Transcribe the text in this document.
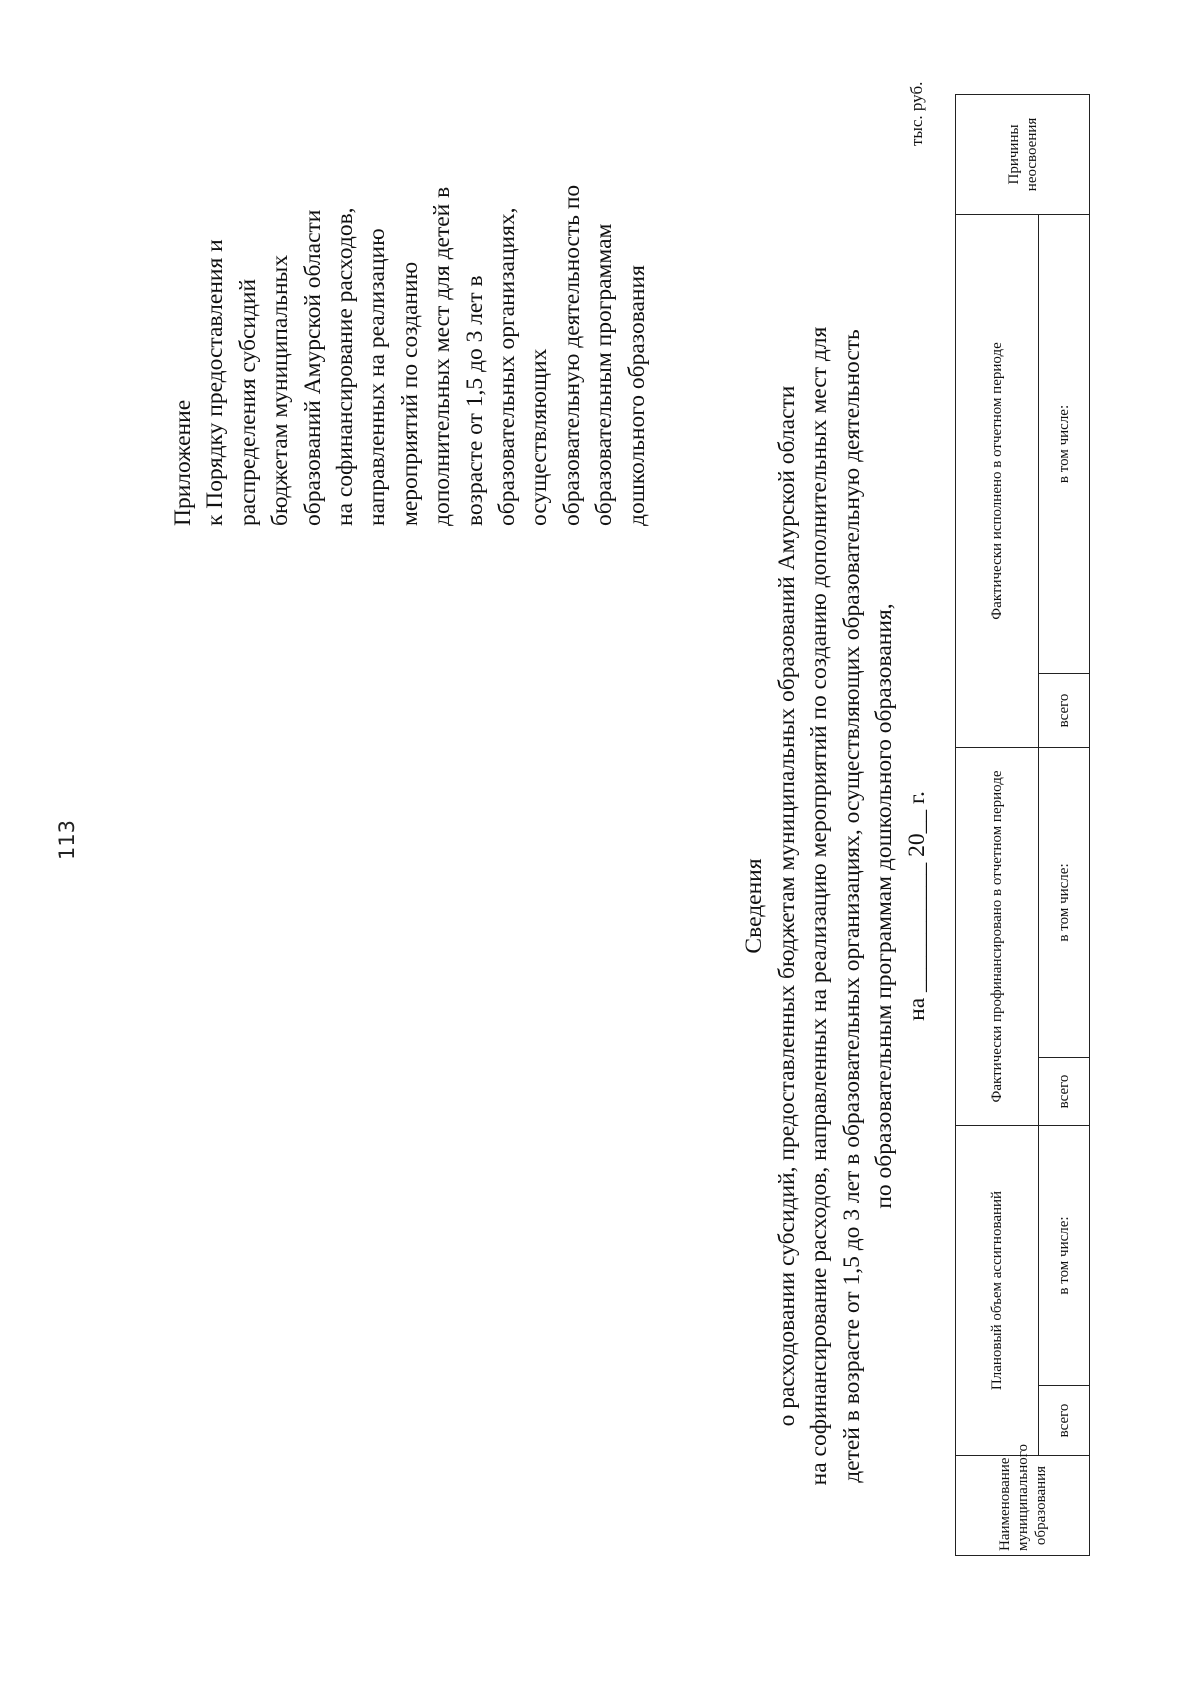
113
Приложение к Порядку предоставления и распределения субсидий бюджетам муниципальных образований Амурской области на софинансирование расходов, направленных на реализацию мероприятий по созданию дополнительных мест для детей в возрасте от 1,5 до 3 лет в образовательных организациях, осуществляющих образовательную деятельность по образовательным программам дошкольного образования
Сведения о расходовании субсидий, предоставленных бюджетам муниципальных образований Амурской области на софинансирование расходов, направленных на реализацию мероприятий по созданию дополнительных мест для детей в возрасте от 1,5 до 3 лет в образовательных организациях, осуществляющих образовательную деятельность по образовательным программам дошкольного образования, на ___________ 20__ г.
тыс. руб.
Наименование муниципального образования	Плановый объем ассигнований		Фактически профинансировано в отчетном периоде		Фактически исполнено в отчетном периоде		Причины неосвоения
	всего	в том числе:	всего	в том числе:	всего	в том числе:	
